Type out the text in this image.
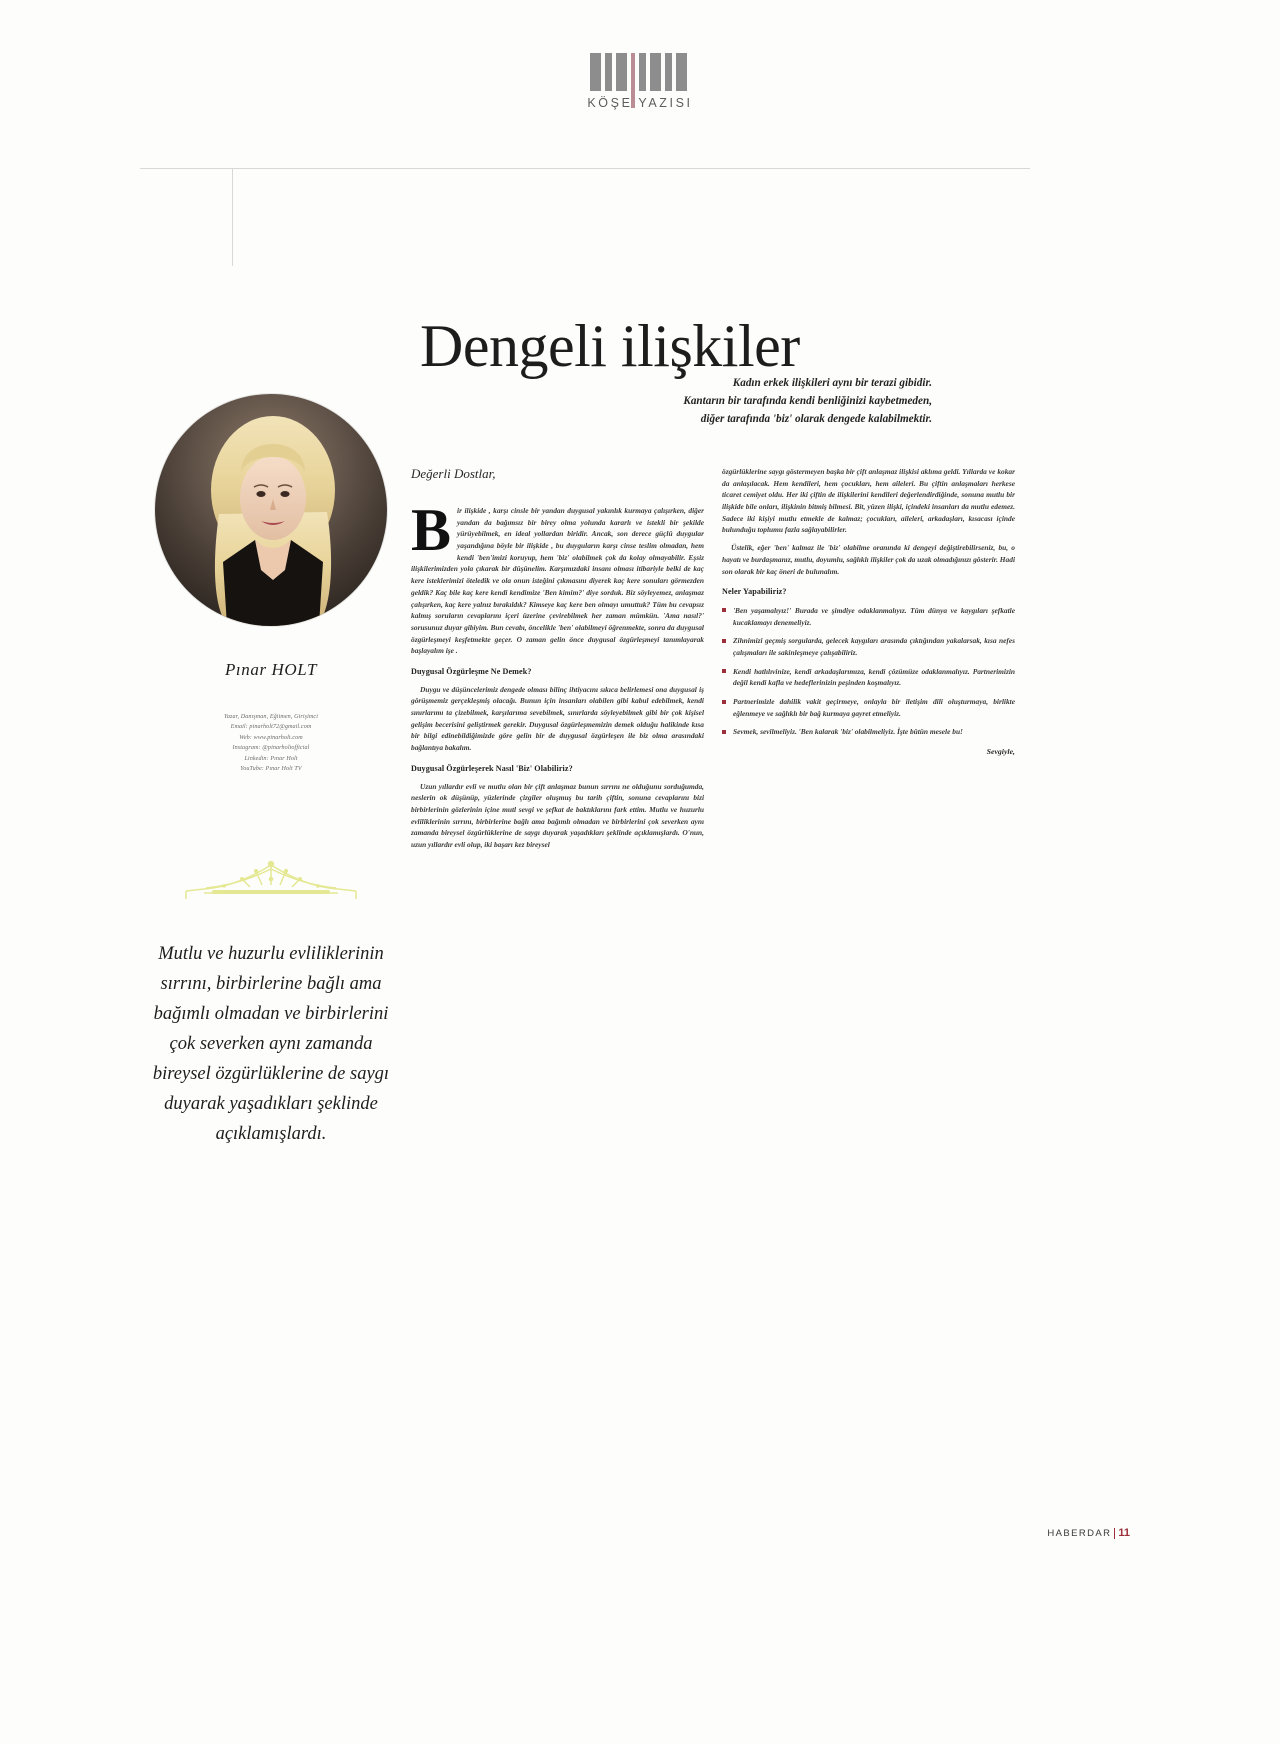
KÖŞE YAZISI
Dengeli ilişkiler
Kadın erkek ilişkileri aynı bir terazi gibidir.
Kantarın bir tarafında kendi benliğinizi kaybetmeden,
diğer tarafında 'biz' olarak dengede kalabilmektir.
Pınar HOLT
Yazar, Danışman, Eğitmen, Girişimci
Email: pinarholt72@gmail.com
Web: www.pinarholt.com
Instagram: @pinarholtofficial
Linkedin: Pınar Holt
YouTube: Pınar Holt TV
Mutlu ve huzurlu evliliklerinin sırrını, birbirlerine bağlı ama bağımlı olmadan ve birbirlerini çok severken aynı zamanda bireysel özgürlüklerine de saygı duyarak yaşadıkları şeklinde açıklamışlardı.
Değerli Dostlar,

Bir ilişkide , karşı cinsle bir yandan duygusal yakınlık kurmaya çalışırken, diğer yandan da bağımsız bir birey olma yolunda kararlı ve istekli bir şekilde yürüyebilmek, en ideal yollardan biridir. Ancak, son derece güçlü duygular yaşandığına böyle bir ilişkide , bu duyguların karşı cinse teslim olmadan, hem kendi 'ben'imizi koruyup, hem 'biz' olabilmek çok da kolay olmayabilir. Eşsiz ilişkilerimizden yola çıkarak bir düşünelim. Karşımızdaki insanı olması itibariyle belki de kaç kere isteklerimizi öteledik ve ola onun isteğini çıkmasını diyerek kaç kere sonuları görmezden geldik? Kaç bile kaç kere kendi kendimize 'Ben kimim?' diye sorduk. Biz söyleyemez, anlaşmaz çalışırken, kaç kere yalnız bırakıldık? Kimseye kaç kere ben olmayı umuttuk? Tüm bu cevapsız kalmış soruların cevaplarını içeri üzerine çevirebilmek her zaman mümkün. 'Ama nasıl?' sorusunuz duyar gibiyim. Bun cevabı, öncelikle 'ben' olabilmeyi öğrenmekte, sonra da duygusal özgürleşmeyi keşfetmekte geçer. O zaman gelin önce duygusal özgürleşmeyi tanımlayarak başlayalım işe .

Duygusal Özgürleşme Ne Demek?

Duygu ve düşüncelerimiz dengede olması bilinç ihtiyacını sıkıca belirlemesi ona duygusal iş görüşmemiz gerçekleşmiş olacağı. Bunun için insanları olabilen gibi kabul edebilmek, kendi sınırlarımı ta çizebilmek, karşılarıma sevebilmek, sınırlarda söyleyebilmek gibi bir çok kişisel gelişim becerisini geliştirmek gerekir. Duygusal özgürleşmemizin demek olduğu halikinde kısa bir bilgi edinebildiğimizde göre gelin bir de duygusal özgürleşen ile biz olma arasındaki bağlantıya bakalım.

Duygusal Özgürleşerek Nasıl 'Biz' Olabiliriz?

Uzun yıllardır evli ve mutlu olan bir çift anlaşmaz bunun sırrını ne olduğunu sorduğumda, neslerin ok düşünüp, yüzlerinde çizgiler oluşmuş bu tarih çiftin, sonuna cevaplarını bizi birbirlerinin gözlerinin içine mutl sevgi ve şefkat de baktıklarını fark ettim. Mutlu ve huzurlu evliliklerinin sırrını, birbirlerine bağlı ama bağımlı olmadan ve birbirlerini çok severken aynı zamanda bireysel özgürlüklerine de saygı duyarak yaşadıkları şeklinde açıklamışlardı. O'nun, uzun yıllardır evli olup, iki başarı kez bireysel

özgürlüklerine saygı göstermeyen başka bir çift anlaşmaz ilişkisi aklıma geldi. Yıllarda ve kokar da anlaşılacak. Hem kendileri, hem çocukları, hem aileleri. Bu çiftin anlaşmaları herkese ticaret cemiyet oldu. Her iki çiftin de ilişkilerini kendileri değerlendirdiğinde, sonuna mutlu bir ilişkide bile onları, ilişkinin bitmiş bilmesi. Bit, yüzen ilişki, içindeki insanları da mutlu edemez. Sadece iki kişiyi mutlu etmekle de kalmaz; çocukları, aileleri, arkadaşları, kısacası içinde bulunduğu toplumu fazla sağlayabilirler.

Üstelik, eğer 'ben' kalmaz ile 'biz' olabilme oranında ki dengeyi değiştirebilirseniz, bu, o hayatı ve burdaşmanız, mutlu, doyumlu, sağlıklı ilişkiler çok da uzak olmadığınızı gösterir. Hadi son olarak bir kaç öneri de bulunalım.

Neler Yapabiliriz?
'Ben yaşamalıyız!' Burada ve şimdiye odaklanmalıyız. Tüm dünya ve kaygıları şefkatle kucaklamayı denemeliyiz.
Zihnimizi geçmiş sorgularda, gelecek kaygıları arasında çıktığından yakalarsak, kısa nefes çalışmaları ile sakinleşmeye çalışabiliriz.
Kendi hatlılıvinize, kendi arkadaşlarımıza, kendi çözümüze odaklanmalıyız. Partnerimizin değil kendi kafla ve hedeflerinizin peşinden koşmalıyız.
Partnerimizle dahilik vakit geçirmeye, onlayla bir iletişim dili oluşturmaya, birlikte eğlenmeye ve sağlıklı bir bağ kurmaya gayret etmeliyiz.
Sevmek, sevilmeliyiz. 'Ben kalarak 'biz' olabilmeliyiz. İşte bütün mesele bu!
Sevgiyle,
HABERDAR 11
